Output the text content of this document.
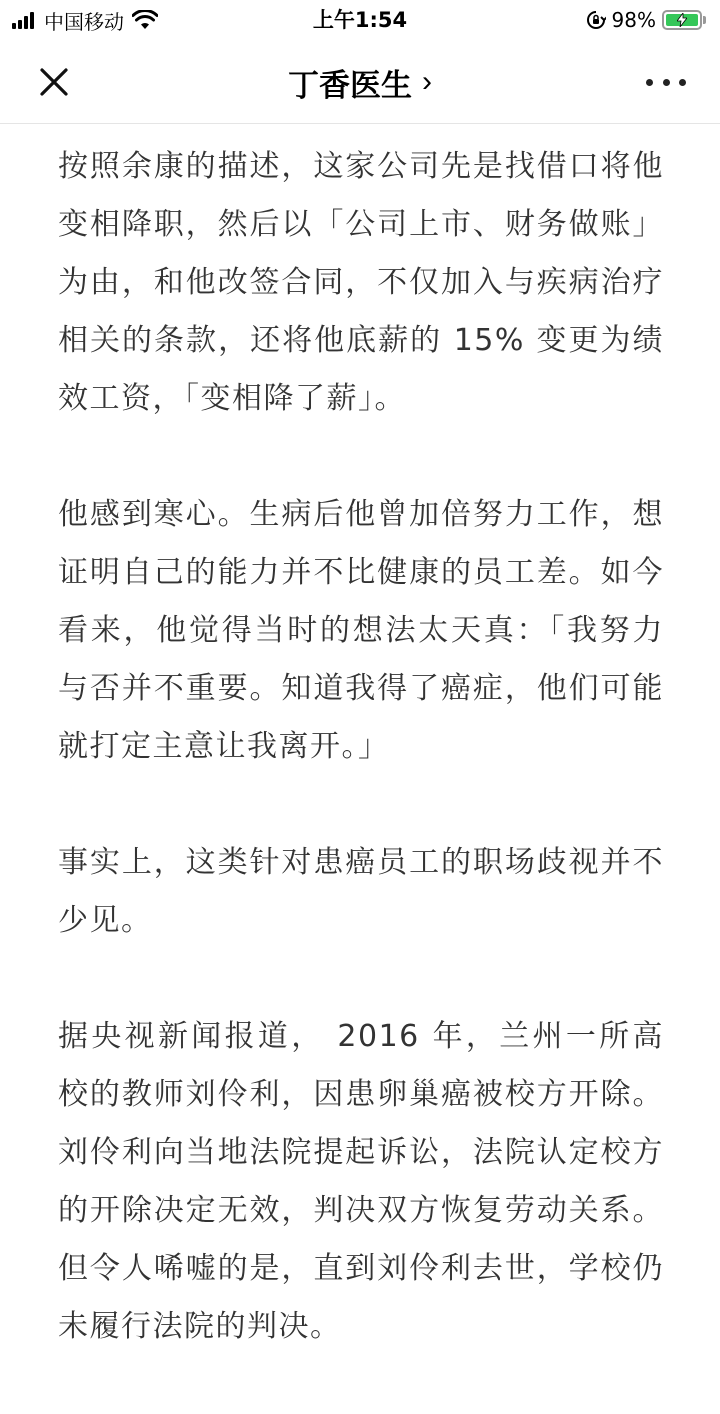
中国移动	上午1:54	98%
丁香医生 ›

按照余康的描述，这家公司先是找借口将他变相降职，然后以「公司上市、财务做账」为由，和他改签合同，不仅加入与疾病治疗相关的条款，还将他底薪的 15% 变更为绩效工资，「变相降了薪」。

他感到寒心。生病后他曾加倍努力工作，想证明自己的能力并不比健康的员工差。如今看来，他觉得当时的想法太天真：「我努力与否并不重要。知道我得了癌症，他们可能就打定主意让我离开。」

事实上，这类针对患癌员工的职场歧视并不少见。

据央视新闻报道， 2016 年，兰州一所高校的教师刘伶利，因患卵巢癌被校方开除。刘伶利向当地法院提起诉讼，法院认定校方的开除决定无效，判决双方恢复劳动关系。但令人唏嘘的是，直到刘伶利去世，学校仍未履行法院的判决。
